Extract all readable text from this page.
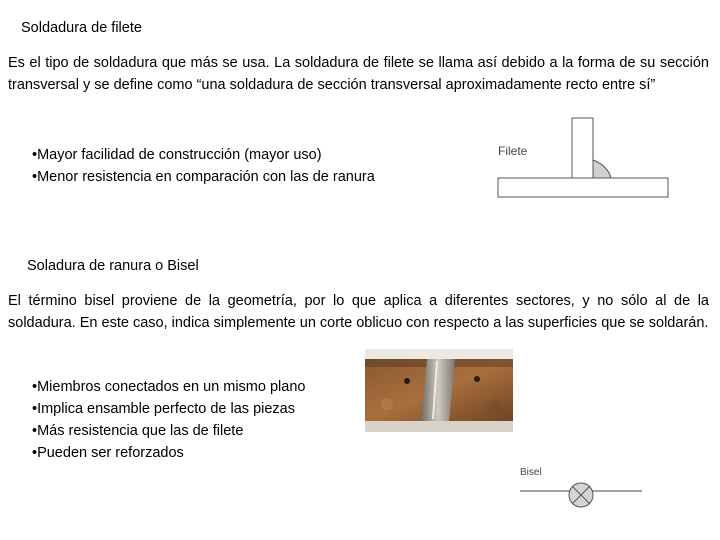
Soldadura de filete
Es el tipo de soldadura que más se usa. La soldadura de filete se llama así debido a la forma de su sección transversal y se define como “una soldadura de sección transversal aproximadamente recto entre sí”
•Mayor facilidad de construcción (mayor uso)
•Menor resistencia en comparación con las de ranura
Filete
Soladura de ranura o Bisel
El término bisel proviene de la geometría, por lo que aplica a diferentes sectores, y no sólo al de la soldadura. En este caso, indica simplemente un corte oblicuo con respecto a las superficies que se soldarán.
•Miembros conectados en un mismo plano
•Implica ensamble perfecto de las piezas
•Más resistencia que las de filete
•Pueden ser reforzados
Bisel
